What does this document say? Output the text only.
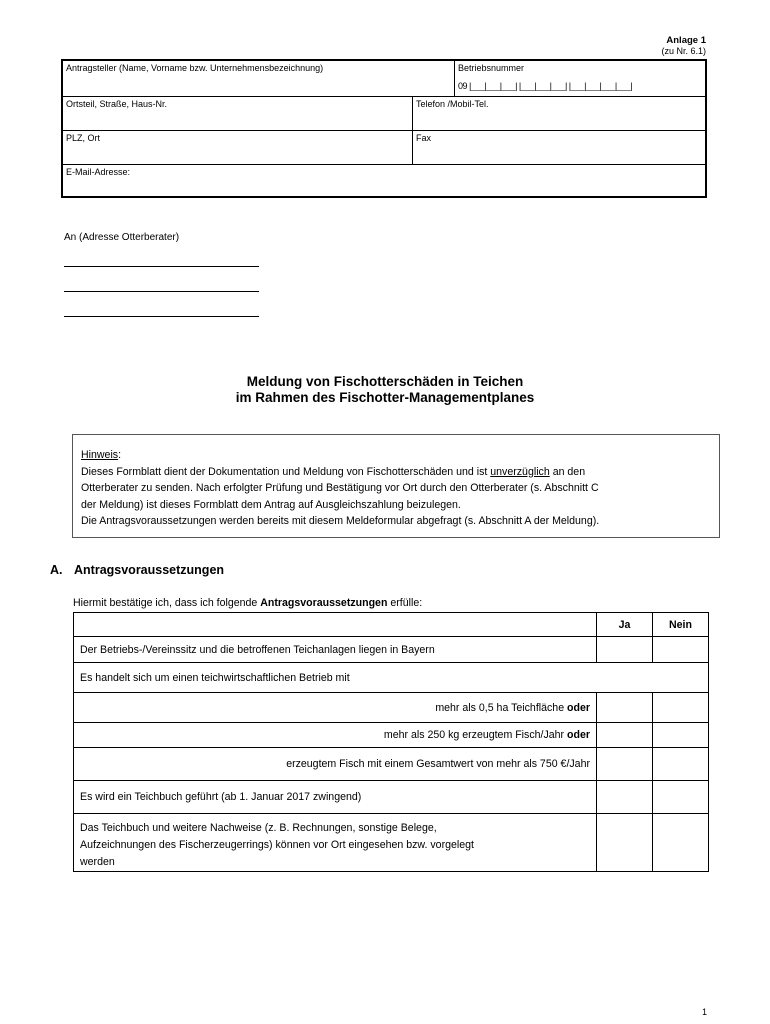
Anlage 1
(zu Nr. 6.1)
Antragsteller (Name, Vorname bzw. Unternehmensbezeichnung)		Betriebsnummer
09 |___|___|___| |___|___|___| |___|___|___|___|

Ortsteil, Straße, Haus-Nr.	Telefon /Mobil-Tel.	
PLZ, Ort	Fax	
E-Mail-Adresse:		
An (Adresse Otterberater)
Meldung von Fischotterschäden in Teichen
im Rahmen des Fischotter-Managementplanes
Hinweis:
Dieses Formblatt dient der Dokumentation und Meldung von Fischotterschäden und ist unverzüglich an den
Otterberater zu senden. Nach erfolgter Prüfung und Bestätigung vor Ort durch den Otterberater (s. Abschnitt C
der Meldung) ist dieses Formblatt dem Antrag auf Ausgleichszahlung beizulegen.
Die Antragsvoraussetzungen werden bereits mit diesem Meldeformular abgefragt (s. Abschnitt A der Meldung).
A. Antragsvoraussetzungen
Hiermit bestätige ich, dass ich folgende Antragsvoraussetzungen erfülle:
	Ja	Nein
Der Betriebs-/Vereinssitz und die betroffenen Teichanlagen liegen in Bayern		
Es handelt sich um einen teichwirtschaftlichen Betrieb mit		
mehr als 0,5 ha Teichfläche oder		
mehr als 250 kg erzeugtem Fisch/Jahr oder		
erzeugtem Fisch mit einem Gesamtwert von mehr als 750 €/Jahr		
Es wird ein Teichbuch geführt (ab 1. Januar 2017 zwingend)		

Das Teichbuch und weitere Nachweise (z. B. Rechnungen, sonstige Belege,
Aufzeichnungen des Fischerzeugerrings) können vor Ort eingesehen bzw. vorgelegt
werden		

1
